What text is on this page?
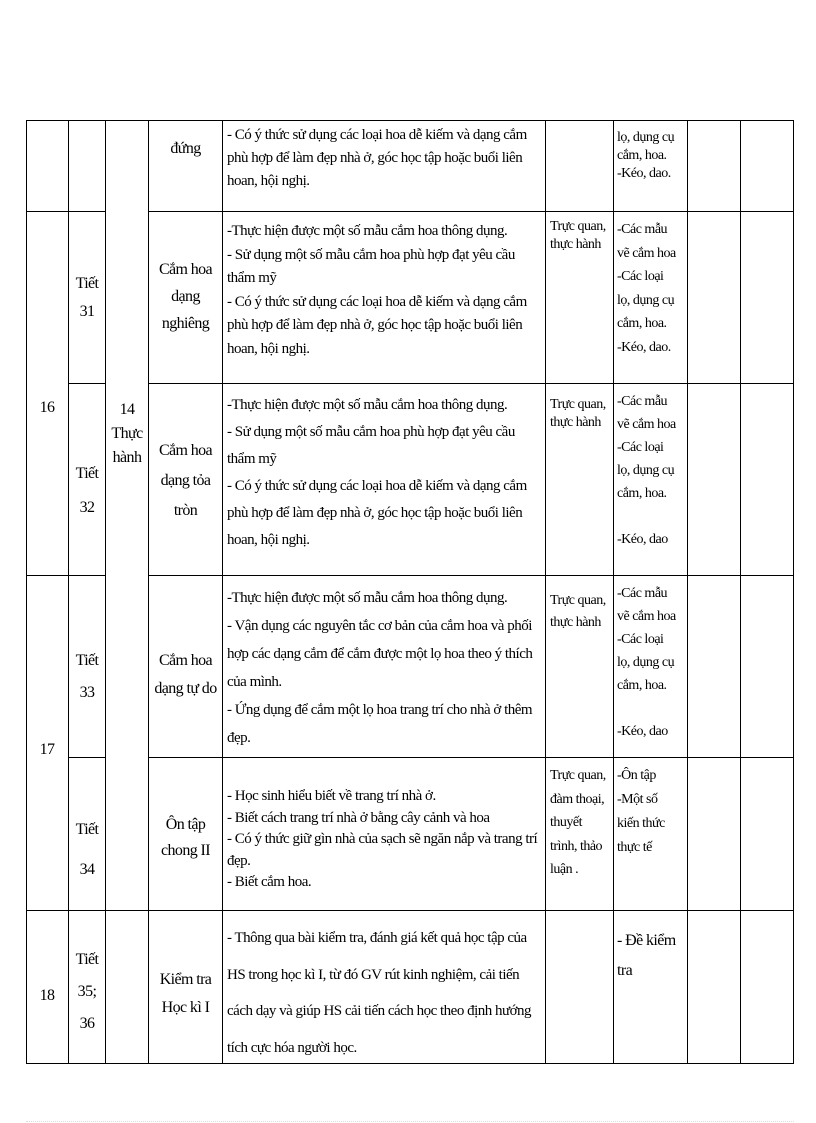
đứng
- Có ý thức sử dụng các loại hoa dễ kiếm và dạng cắm
phù hợp để làm đẹp nhà ở, góc học tập hoặc buổi liên
hoan, hội nghị.
lọ, dụng cụ
cắm, hoa.
-Kéo, dao.
Tiết
31
Cắm hoa
dạng
nghiêng
-Thực hiện được một số mẫu cắm hoa thông dụng.
- Sử dụng một số mẫu cắm hoa phù hợp đạt yêu cầu
thẩm mỹ
- Có ý thức sử dụng các loại hoa dễ kiếm và dạng cắm
phù hợp để làm đẹp nhà ở, góc học tập hoặc buổi liên
hoan, hội nghị.
Trực quan,
thực hành
-Các mẫu
vẽ cắm hoa
-Các loại
lọ, dụng cụ
cắm, hoa.
-Kéo, dao.
16	14
Thực
hành
Tiết
32
Cắm hoa
dạng tỏa
tròn
-Thực hiện được một số mẫu cắm hoa thông dụng.
- Sử dụng một số mẫu cắm hoa phù hợp đạt yêu cầu
thẩm mỹ
- Có ý thức sử dụng các loại hoa dễ kiếm và dạng cắm
phù hợp để làm đẹp nhà ở, góc học tập hoặc buổi liên
hoan, hội nghị.
Trực quan,
thực hành
-Các mẫu
vẽ cắm hoa
-Các loại
lọ, dụng cụ
cắm, hoa.

-Kéo, dao
Tiết
33
Cắm hoa
dạng tự do
-Thực hiện được một số mẫu cắm hoa thông dụng.
- Vận dụng các nguyên tắc cơ bản của cắm hoa và phối
hợp các dạng cắm để cắm được một lọ hoa theo ý thích
của mình.
- Ứng dụng để cắm một lọ hoa trang trí cho nhà ở thêm
đẹp.
Trực quan,
thực hành
-Các mẫu
vẽ cắm hoa
-Các loại
lọ, dụng cụ
cắm, hoa.

-Kéo, dao
17
Tiết
34
Ôn tập
chong II
- Học sinh hiểu biết về trang trí nhà ở.
- Biết cách trang trí nhà ở bằng cây cảnh và hoa
- Có ý thức giữ gìn nhà của sạch sẽ ngăn nắp và trang trí
đẹp.
- Biết cắm hoa.
Trực quan,
đàm thoại,
thuyết
trình, thảo
luận .
-Ôn tập
-Một số
kiến thức
thực tế
18
Tiết
35;
36
Kiểm tra
Học kì I
- Thông qua bài kiểm tra, đánh giá kết quả học tập của
HS trong học kì I, từ đó GV rút kinh nghiệm, cải tiến
cách dạy và giúp HS cải tiến cách học theo định hướng
tích cực hóa người học.
- Đề kiểm
tra
